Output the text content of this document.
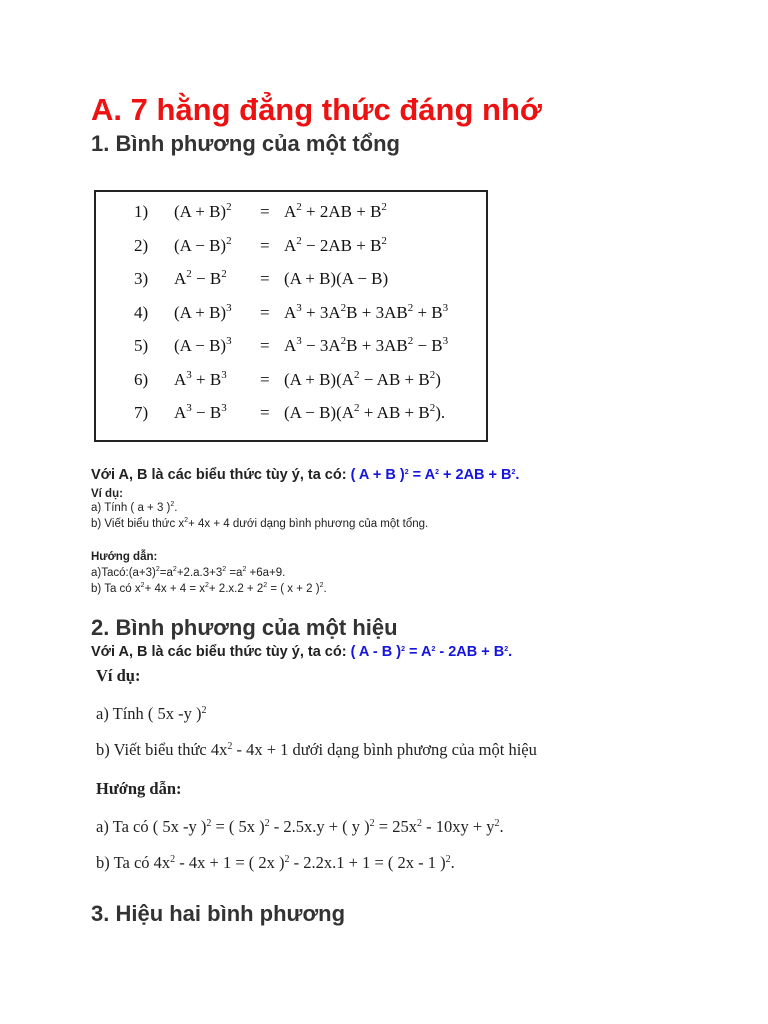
A. 7 hằng đẳng thức đáng nhớ
1. Bình phương của một tổng
1) $(A + B)^2 = A^2 + 2AB + B^2$
2) $(A - B)^2 = A^2 - 2AB + B^2$
3) $A^2 - B^2 = (A + B)(A - B)$
4) $(A + B)^3 = A^3 + 3A^2B + 3AB^2 + B^3$
5) $(A - B)^3 = A^3 - 3A^2B + 3AB^2 - B^3$
6) $A^3 + B^3 = (A + B)(A^2$ − AB + $B^2$)
7) $A^3 - B^3 = (A - B)(A^2$ + AB + $B^2$).
Với A, B là các biểu thức tùy ý, ta có: ( A + B )$^2 = A^2 + 2AB + B^2$.
Ví dụ:
a) Tính ( a + 3 )$^2$.
b) Viết biểu thức $x^2+ 4x + 4$ dưới dạng bình phương của một tổng.
Hướng dẫn:
$a)Tacó:(a+3)^2=a^2+2.a.3+3^2 =a^2 +6a+9$.
b) Ta có $x^2+ 4x + 4 = x^2+ 2.x.2 + 2^2$ = ( x + 2 )$^2$.
2. Bình phương của một hiệu
Với A, B là các biểu thức tùy ý, ta có: ( A - B )$^2 = A^2 - 2AB + B^2$.
Ví dụ:
a) Tính ( 5x -y )$^2$
b) Viết biểu thức $4x^2 - 4x + 1$ dưới dạng bình phương của một hiệu
Hướng dẫn:
a) Ta có ( 5x -y )$^2$ = ( 5x )$^2$ - 2.5x.y + ( y )$^2 = 25x^2 - 10xy + y^2$.
b) Ta có $4x^2 - 4x + 1$ = ( 2x )$^2$ - 2.2x.1 + 1 = ( 2x - 1 )$^2$.
3. Hiệu hai bình phương
